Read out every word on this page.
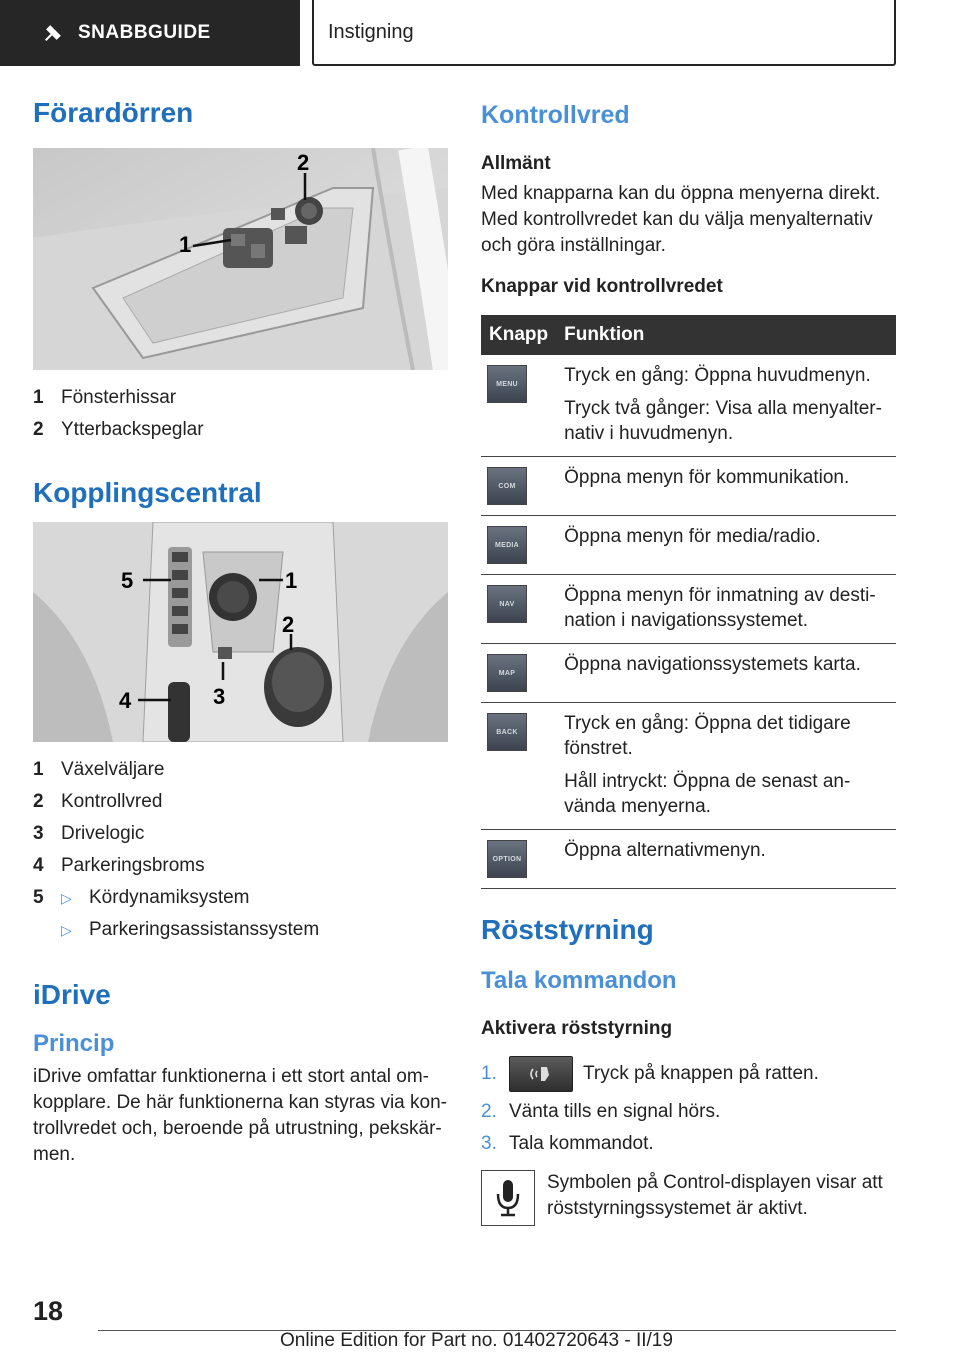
SNABBGUIDE	Instigning
Förardörren
1
2
1 Fönsterhissar
2 Ytterbackspeglar
Kopplingscentral
1
2
3
4
5
1 Växelväljare
2 Kontrollvred
3 Drivelogic
4 Parkeringsbroms
5	▷ Kördynamiksystem
▷ Parkeringsassistanssystem
iDrive
Princip

iDrive omfattar funktionerna i ett stort antal om-kopplare. De här funktionerna kan styras via kon-trollvredet och, beroende på utrustning, pekskär-men.

Kontrollvred
Allmänt

Med knapparna kan du öppna menyerna direkt. Med kontrollvredet kan du välja menyalternativ och göra inställningar.

Knappar vid kontrollvredet
Knapp	Funktion

MENU	Tryck en gång: Öppna huvudmenyn.
Tryck två gånger: Visa alla menyalter-nativ i huvudmenyn.

COM	Öppna menyn för kommunikation.

MEDIA	Öppna menyn för media/radio.

NAV	Öppna menyn för inmatning av desti-nation i navigationssystemet.

MAP	Öppna navigationssystemets karta.

BACK	Tryck en gång: Öppna det tidigare fönstret.
Håll intryckt: Öppna de senast an-vända menyerna.

OPTION	Öppna alternativmenyn.
Röststyrning
Tala kommandon
Aktivera röststyrning
1.	Tryck på knappen på ratten.
2. Vänta tills en signal hörs.
3. Tala kommandot.

Symbolen på Control-displayen visar att röststyrningssystemet är aktivt.

18
Online Edition for Part no. 01402720643 - II/19
